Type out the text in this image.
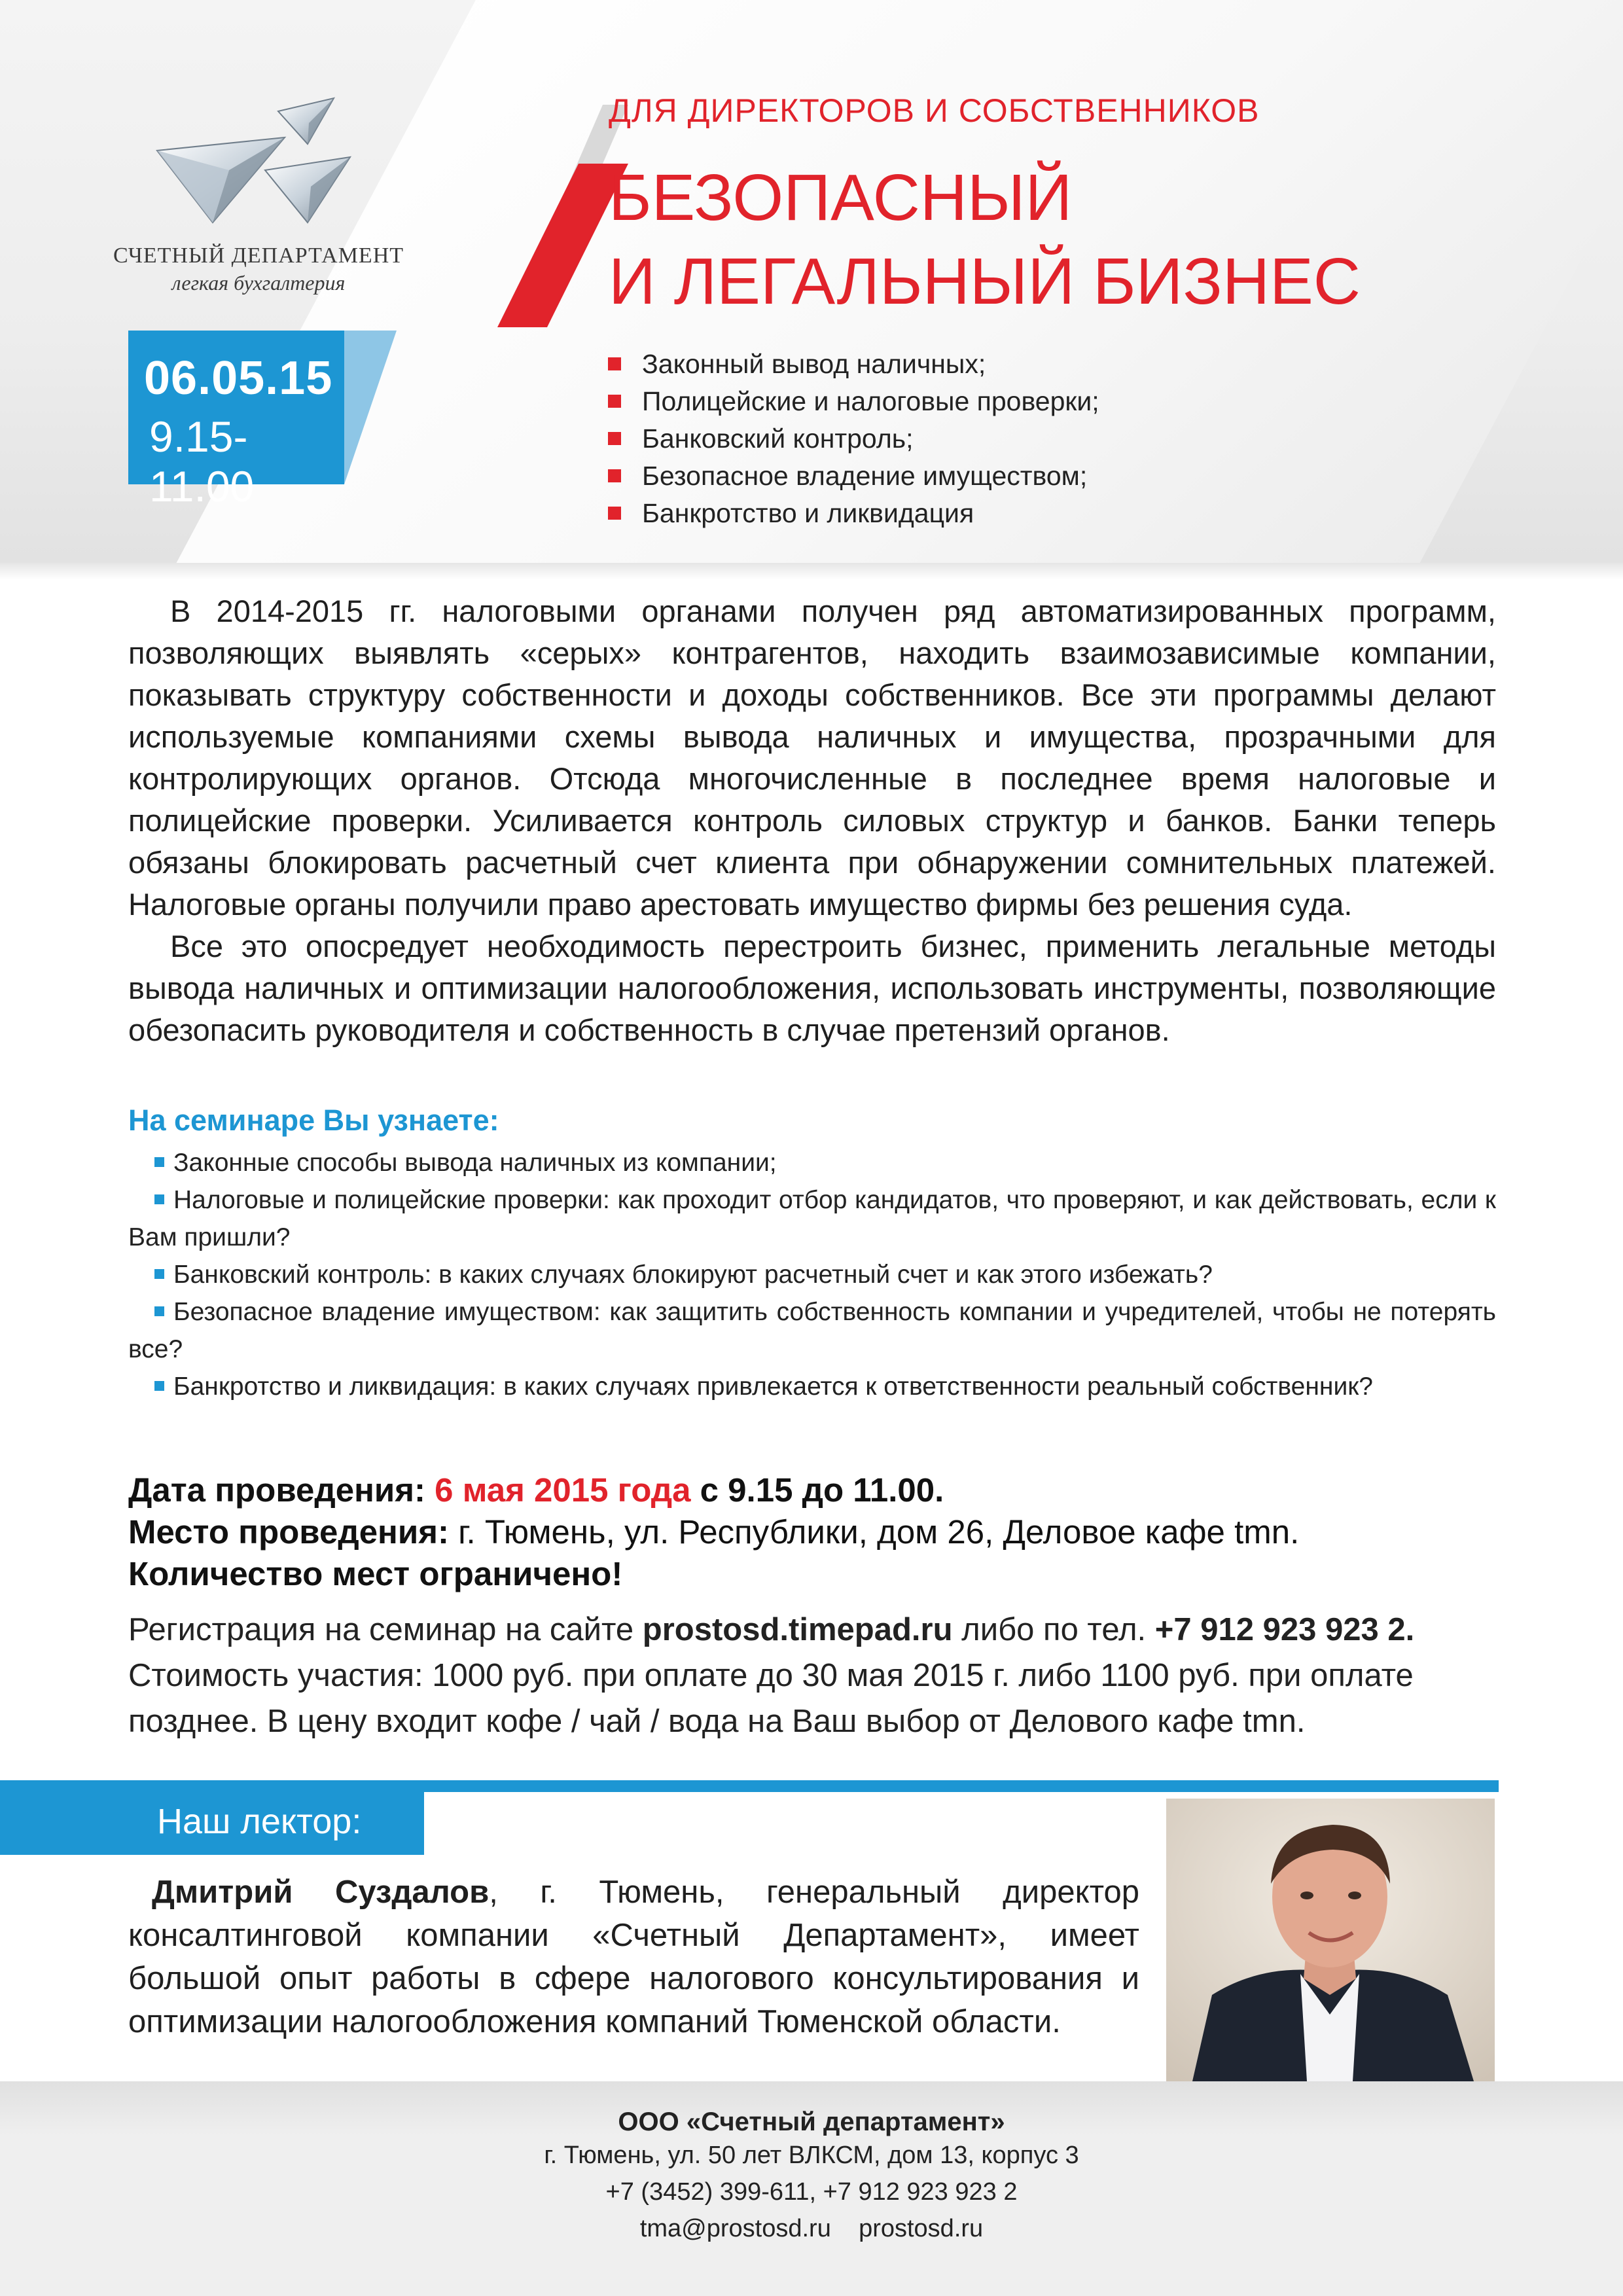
СЧЕТНЫЙ ДЕПАРТАМЕНТ
легкая бухгалтерия
06.05.15
9.15-11.00
ДЛЯ ДИРЕКТОРОВ И СОБСТВЕННИКОВ
БЕЗОПАСНЫЙ
И ЛЕГАЛЬНЫЙ БИЗНЕС
Законный вывод наличных;
Полицейские и налоговые проверки;
Банковский контроль;
Безопасное владение имуществом;
Банкротство и ликвидация

В 2014-2015 гг. налоговыми органами получен ряд автоматизированных программ, позволяющих выявлять «серых» контрагентов, находить взаимозависимые компании, показывать структуру собственности и доходы собственников. Все эти программы делают используемые компаниями схемы вывода наличных и имущества, прозрачными для контролирующих органов. Отсюда многочисленные в последнее время налоговые и полицейские проверки. Усиливается контроль силовых структур и банков. Банки теперь обязаны блокировать расчетный счет клиента при обнаружении сомнительных платежей. Налоговые органы получили право арестовать имущество фирмы без решения суда.

Все это опосредует необходимость перестроить бизнес, применить легальные методы вывода наличных и оптимизации налогообложения, использовать инструменты, позволяющие обезопасить руководителя и собственность в случае претензий органов.

На семинаре Вы узнаете:
Законные способы вывода наличных из компании;
Налоговые и полицейские проверки: как проходит отбор кандидатов, что проверяют, и как действовать, если к Вам пришли?
Банковский контроль: в каких случаях блокируют расчетный счет и как этого избежать?
Безопасное владение имуществом: как защитить собственность компании и учредителей, чтобы не потерять все?
Банкротство и ликвидация: в каких случаях привлекается к ответственности реальный собственник?
Дата проведения: 6 мая 2015 года с 9.15 до 11.00.
Место проведения: г. Тюмень, ул. Республики, дом 26, Деловое кафе tmn.
Количество мест ограничено!
Регистрация на семинар на сайте prostosd.timepad.ru либо по тел. +7 912 923 923 2. Стоимость участия: 1000 руб. при оплате до 30 мая 2015 г. либо 1100 руб. при оплате позднее. В цену входит кофе / чай / вода на Ваш выбор от Делового кафе tmn.
Наш лектор:
Дмитрий Суздалов, г. Тюмень, генеральный директор консалтинговой компании «Счетный Департамент», имеет большой опыт работы в сфере налогового консультирования и оптимизации налогообложения компаний Тюменской области.
ООО «Счетный департамент»
г. Тюмень, ул. 50 лет ВЛКСМ, дом 13, корпус 3
+7 (3452) 399-611, +7 912 923 923 2
tma@prostosd.ru    prostosd.ru
